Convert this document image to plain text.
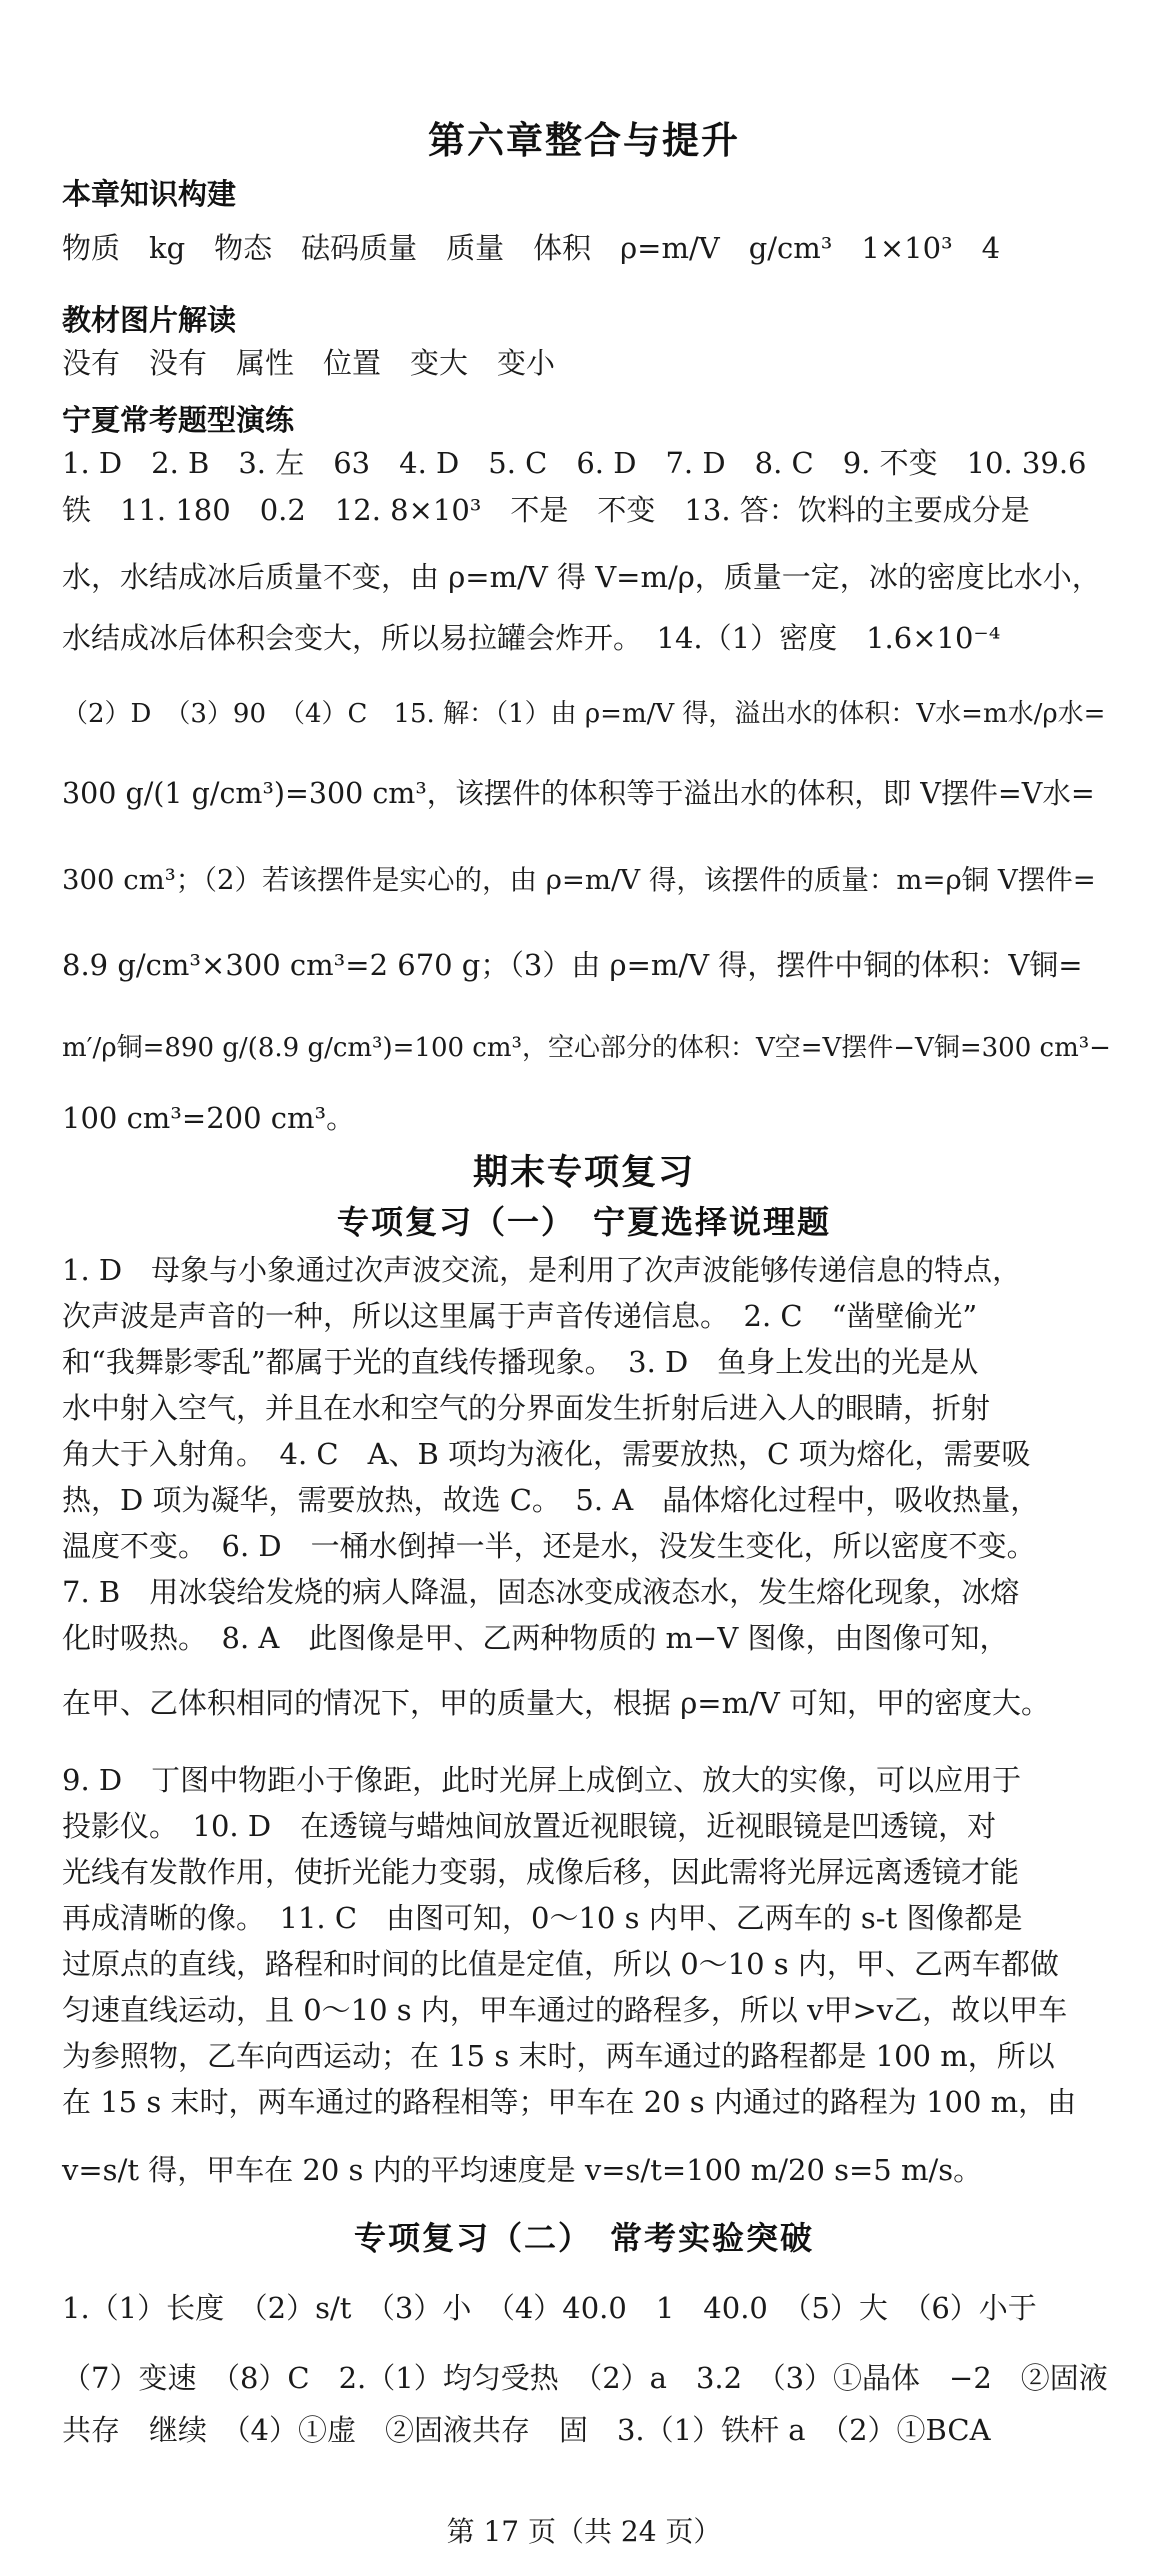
第六章整合与提升
本章知识构建
物质　kg　物态　砝码质量　质量　体积　ρ=m/V　g/cm³　1×10³　4
教材图片解读
没有　没有　属性　位置　变大　变小
宁夏常考题型演练
1. D　2. B　3. 左　63　4. D　5. C　6. D　7. D　8. C　9. 不变　10. 39.6
铁　11. 180　0.2　12. 8×10³　不是　不变　13. 答：饮料的主要成分是
水，水结成冰后质量不变，由 ρ=m/V 得 V=m/ρ，质量一定，冰的密度比水小，
水结成冰后体积会变大，所以易拉罐会炸开。　14.（1）密度　1.6×10⁻⁴
（2）D　（3）90　（4）C　15. 解：（1）由 ρ=m/V 得，溢出水的体积：V水=m水/ρ水=
300 g/(1 g/cm³)=300 cm³，该摆件的体积等于溢出水的体积，即 V摆件=V水=
300 cm³；（2）若该摆件是实心的，由 ρ=m/V 得，该摆件的质量：m=ρ铜 V摆件=
8.9 g/cm³×300 cm³=2 670 g；（3）由 ρ=m/V 得，摆件中铜的体积：V铜=
m′/ρ铜=890 g/(8.9 g/cm³)=100 cm³，空心部分的体积：V空=V摆件−V铜=300 cm³−
100 cm³=200 cm³。
期末专项复习
专项复习（一）　宁夏选择说理题
1. D　母象与小象通过次声波交流，是利用了次声波能够传递信息的特点，
次声波是声音的一种，所以这里属于声音传递信息。　2. C　“凿壁偷光”
和“我舞影零乱”都属于光的直线传播现象。　3. D　鱼身上发出的光是从
水中射入空气，并且在水和空气的分界面发生折射后进入人的眼睛，折射
角大于入射角。　4. C　A、B 项均为液化，需要放热，C 项为熔化，需要吸
热，D 项为凝华，需要放热，故选 C。　5. A　晶体熔化过程中，吸收热量，
温度不变。　6. D　一桶水倒掉一半，还是水，没发生变化，所以密度不变。
7. B　用冰袋给发烧的病人降温，固态冰变成液态水，发生熔化现象，冰熔
化时吸热。　8. A　此图像是甲、乙两种物质的 m−V 图像，由图像可知，
在甲、乙体积相同的情况下，甲的质量大，根据 ρ=m/V 可知，甲的密度大。
9. D　丁图中物距小于像距，此时光屏上成倒立、放大的实像，可以应用于
投影仪。　10. D　在透镜与蜡烛间放置近视眼镜，近视眼镜是凹透镜，对
光线有发散作用，使折光能力变弱，成像后移，因此需将光屏远离透镜才能
再成清晰的像。　11. C　由图可知，0～10 s 内甲、乙两车的 s-t 图像都是
过原点的直线，路程和时间的比值是定值，所以 0～10 s 内，甲、乙两车都做
匀速直线运动，且 0～10 s 内，甲车通过的路程多，所以 v甲>v乙，故以甲车
为参照物，乙车向西运动；在 15 s 末时，两车通过的路程都是 100 m，所以
在 15 s 末时，两车通过的路程相等；甲车在 20 s 内通过的路程为 100 m，由
v=s/t 得，甲车在 20 s 内的平均速度是 v=s/t=100 m/20 s=5 m/s。
专项复习（二）　常考实验突破
1.（1）长度　（2）s/t　（3）小　（4）40.0　1　40.0　（5）大　（6）小于
（7）变速　（8）C　2.（1）均匀受热　（2）a　3.2　（3）①晶体　−2　②固液
共存　继续　（4）①虚　②固液共存　固　3.（1）铁杆 a　（2）①BCA
第 17 页（共 24 页）
